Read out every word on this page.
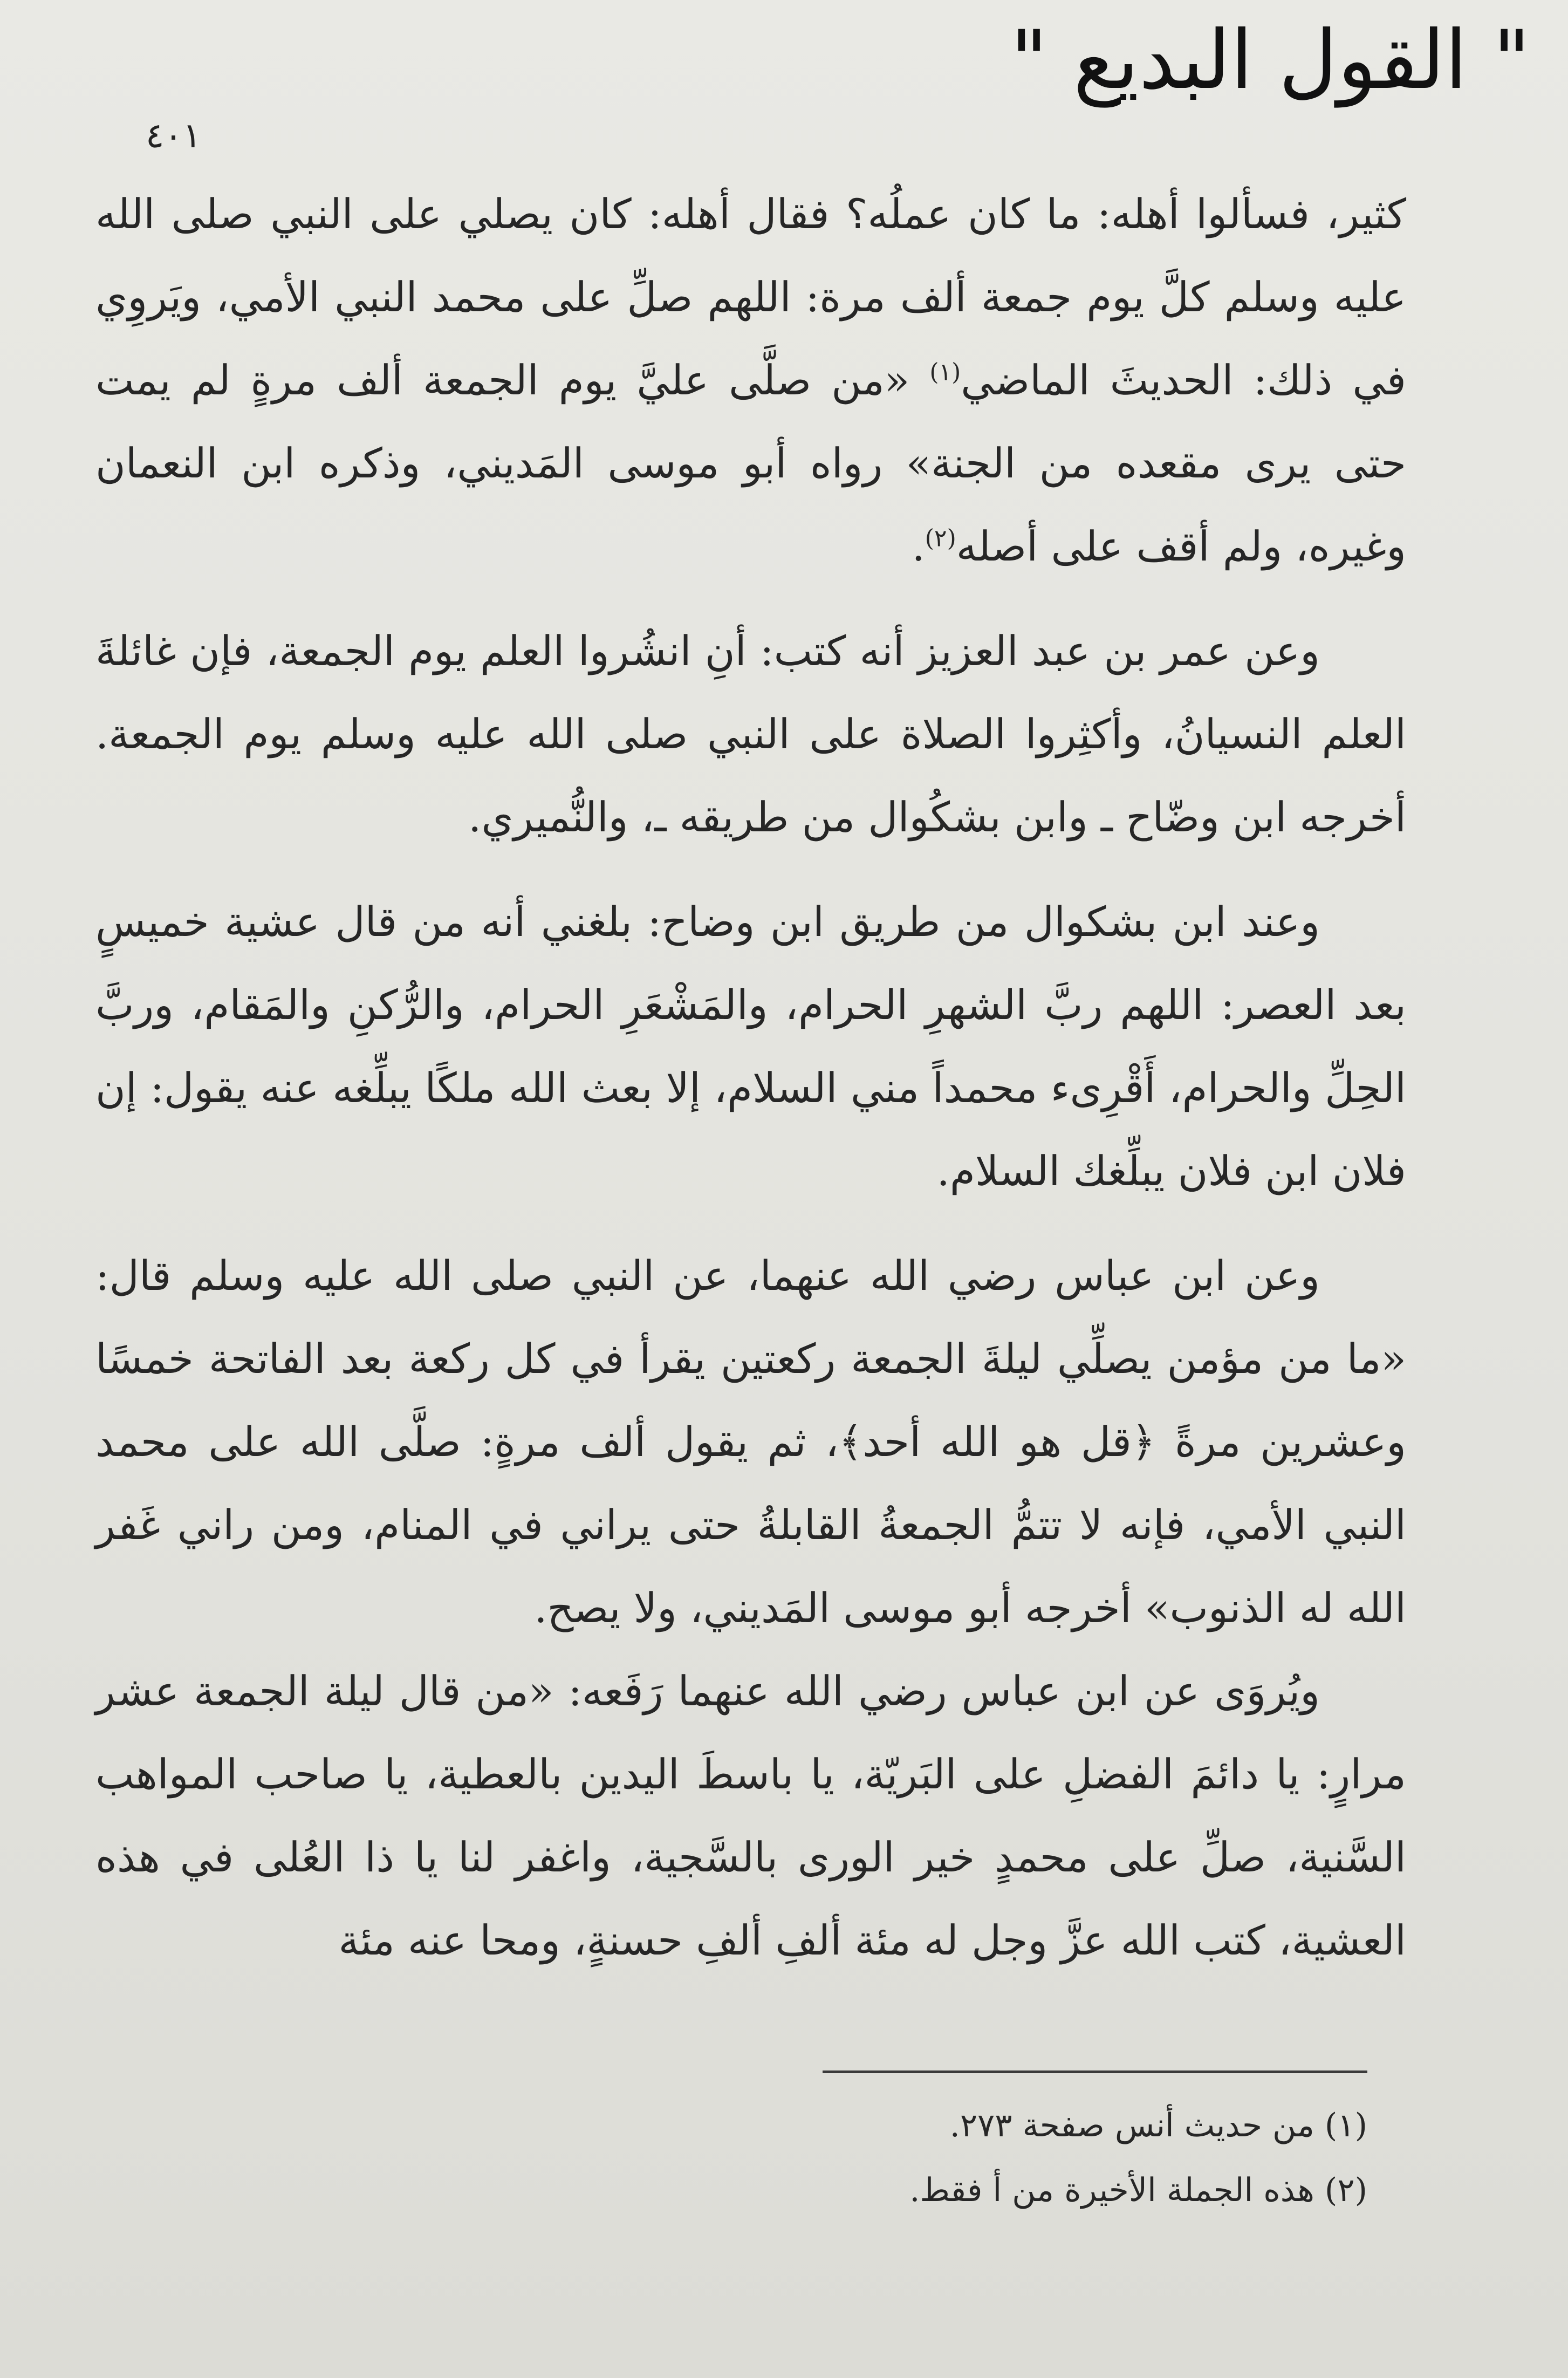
" القول البديع "
٤٠١

كثير، فسألوا أهله: ما كان عملُه؟ فقال أهله: كان يصلي على النبي صلى الله عليه وسلم كلَّ يوم جمعة ألف مرة: اللهم صلِّ على محمد النبي الأمي، ويَروِي في ذلك: الحديثَ الماضي$^{(١)}$ «من صلَّى عليَّ يوم الجمعة ألف مرةٍ لم يمت حتى يرى مقعده من الجنة» رواه أبو موسى المَديني، وذكره ابن النعمان وغيره، ولم أقف على أصله$^{(٢)}$.

وعن عمر بن عبد العزيز أنه كتب: أنِ انشُروا العلم يوم الجمعة، فإن غائلةَ العلم النسيانُ، وأكثِروا الصلاة على النبي صلى الله عليه وسلم يوم الجمعة. أخرجه ابن وضّاح ـ وابن بشكُوال من طريقه ـ، والنُّميري.

وعند ابن بشكوال من طريق ابن وضاح: بلغني أنه من قال عشية خميسٍ بعد العصر: اللهم ربَّ الشهرِ الحرام، والمَشْعَرِ الحرام، والرُّكنِ والمَقام، وربَّ الحِلِّ والحرام، أَقْرِىء محمداً مني السلام، إلا بعث الله ملكًا يبلِّغه عنه يقول: إن فلان ابن فلان يبلِّغك السلام.

وعن ابن عباس رضي الله عنهما، عن النبي صلى الله عليه وسلم قال: «ما من مؤمن يصلِّي ليلةَ الجمعة ركعتين يقرأ في كل ركعة بعد الفاتحة خمسًا وعشرين مرةً ﴿قل هو الله أحد﴾، ثم يقول ألف مرةٍ: صلَّى الله على محمد النبي الأمي، فإنه لا تتمُّ الجمعةُ القابلةُ حتى يراني في المنام، ومن راني غَفر الله له الذنوب» أخرجه أبو موسى المَديني، ولا يصح.

ويُروَى عن ابن عباس رضي الله عنهما رَفَعه: «من قال ليلة الجمعة عشر مرارٍ: يا دائمَ الفضلِ على البَريّة، يا باسطَ اليدين بالعطية، يا صاحب المواهب السَّنية، صلِّ على محمدٍ خير الورى بالسَّجية، واغفر لنا يا ذا العُلى في هذه العشية، كتب الله عزَّ وجل له مئة ألفِ ألفِ حسنةٍ، ومحا عنه مئة

(١) من حديث أنس صفحة ٢٧٣.
(٢) هذه الجملة الأخيرة من أ فقط.
